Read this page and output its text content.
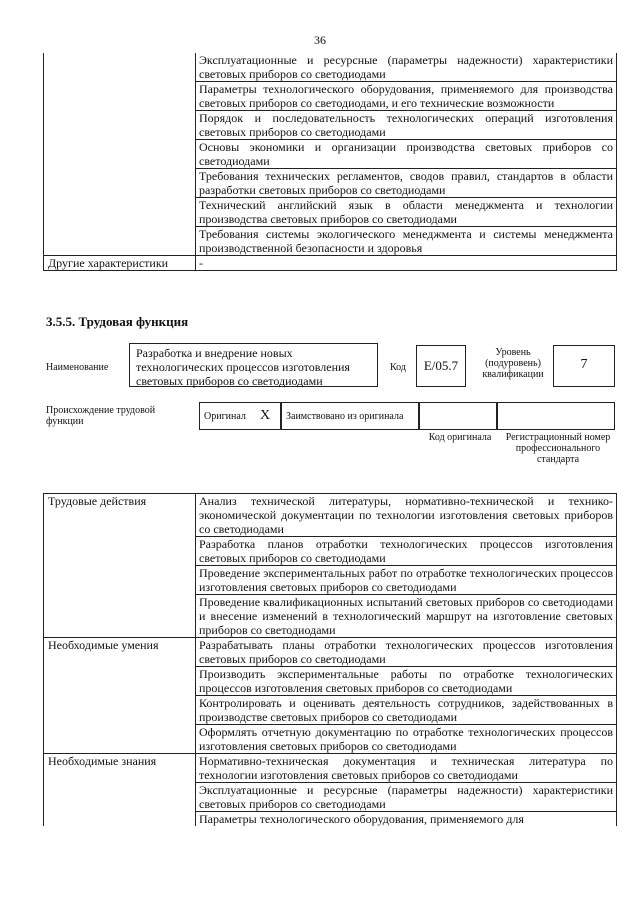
36
	Эксплуатационные и ресурсные (параметры надежности) характеристики световых приборов со светодиодами
	Параметры технологического оборудования, применяемого для производства световых приборов со светодиодами, и его технические возможности
	Порядок и последовательность технологических операций изготовления световых приборов со светодиодами
	Основы экономики и организации производства световых приборов со светодиодами
	Требования технических регламентов, сводов правил, стандартов в области разработки световых приборов со светодиодами
	Технический английский язык в области менеджмента и технологии производства световых приборов со светодиодами
	Требования системы экологического менеджмента и системы менеджмента производственной безопасности и здоровья
Другие характеристики	-
3.5.5. Трудовая функция
Наименование
Разработка и внедрение новых технологических процессов изготовления световых приборов со светодиодами
Код	E/05.7
Уровень (подуровень) квалификации
7
Происхождение трудовой функции	Оригинал X Заимствовано из оригинала
Код оригинала Регистрационный номер профессионального стандарта
Трудовые действия	Анализ технической литературы, нормативно-технической и технико-экономической документации по технологии изготовления световых приборов со светодиодами
	Разработка планов отработки технологических процессов изготовления световых приборов со светодиодами
	Проведение экспериментальных работ по отработке технологических процессов изготовления световых приборов со светодиодами
	Проведение квалификационных испытаний световых приборов со светодиодами и внесение изменений в технологический маршрут на изготовление световых приборов со светодиодами
Необходимые умения	Разрабатывать планы отработки технологических процессов изготовления световых приборов со светодиодами
	Производить экспериментальные работы по отработке технологических процессов изготовления световых приборов со светодиодами
	Контролировать и оценивать деятельность сотрудников, задействованных в производстве световых приборов со светодиодами
	Оформлять отчетную документацию по отработке технологических процессов изготовления световых приборов со светодиодами
Необходимые знания	Нормативно-техническая документация и техническая литература по технологии изготовления световых приборов со светодиодами
	Эксплуатационные и ресурсные (параметры надежности) характеристики световых приборов со светодиодами
	Параметры технологического оборудования, применяемого для
